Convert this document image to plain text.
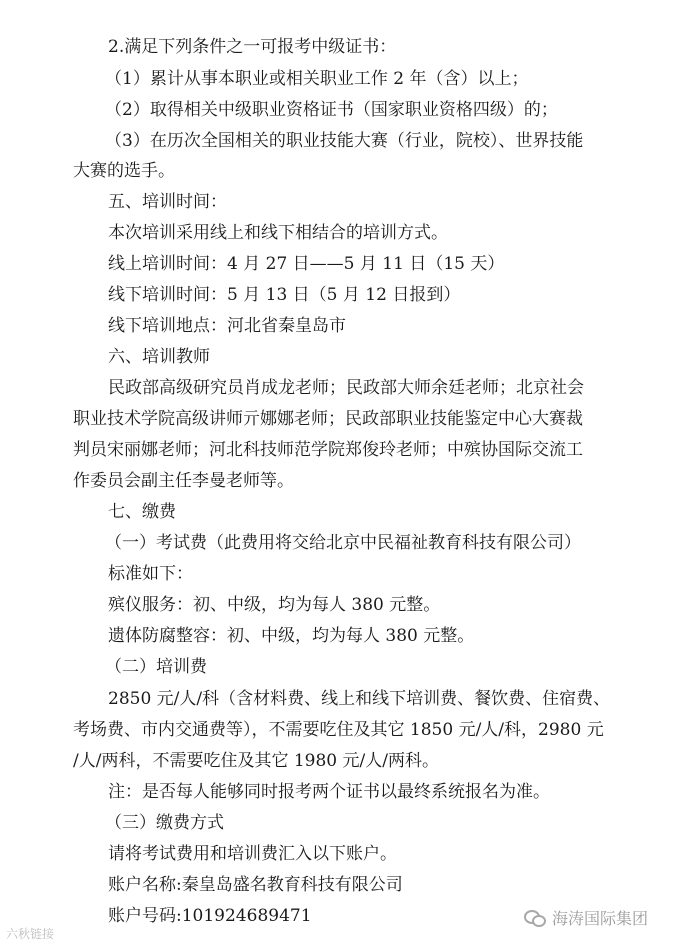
2.满足下列条件之一可报考中级证书：
（1）累计从事本职业或相关职业工作 2 年（含）以上；
（2）取得相关中级职业资格证书（国家职业资格四级）的；
（3）在历次全国相关的职业技能大赛（行业，院校）、世界技能
大赛的选手。
五、培训时间：
本次培训采用线上和线下相结合的培训方式。
线上培训时间：4 月 27 日——5 月 11 日（15 天）
线下培训时间：5 月 13 日（5 月 12 日报到）
线下培训地点：河北省秦皇岛市
六、培训教师
民政部高级研究员肖成龙老师；民政部大师余廷老师；北京社会
职业技术学院高级讲师亓娜娜老师；民政部职业技能鉴定中心大赛裁
判员宋丽娜老师；河北科技师范学院郑俊玲老师；中殡协国际交流工
作委员会副主任李曼老师等。
七、缴费
（一）考试费（此费用将交给北京中民福祉教育科技有限公司）
标准如下：
殡仪服务：初、中级，均为每人 380 元整。
遗体防腐整容：初、中级，均为每人 380 元整。
（二）培训费
2850 元/人/科（含材料费、线上和线下培训费、餐饮费、住宿费、
考场费、市内交通费等），不需要吃住及其它 1850 元/人/科，2980 元
/人/两科，不需要吃住及其它 1980 元/人/两科。
注：是否每人能够同时报考两个证书以最终系统报名为准。
（三）缴费方式
请将考试费用和培训费汇入以下账户。
账户名称:秦皇岛盛名教育科技有限公司
账户号码:101924689471
六秋链接
海涛国际集团
